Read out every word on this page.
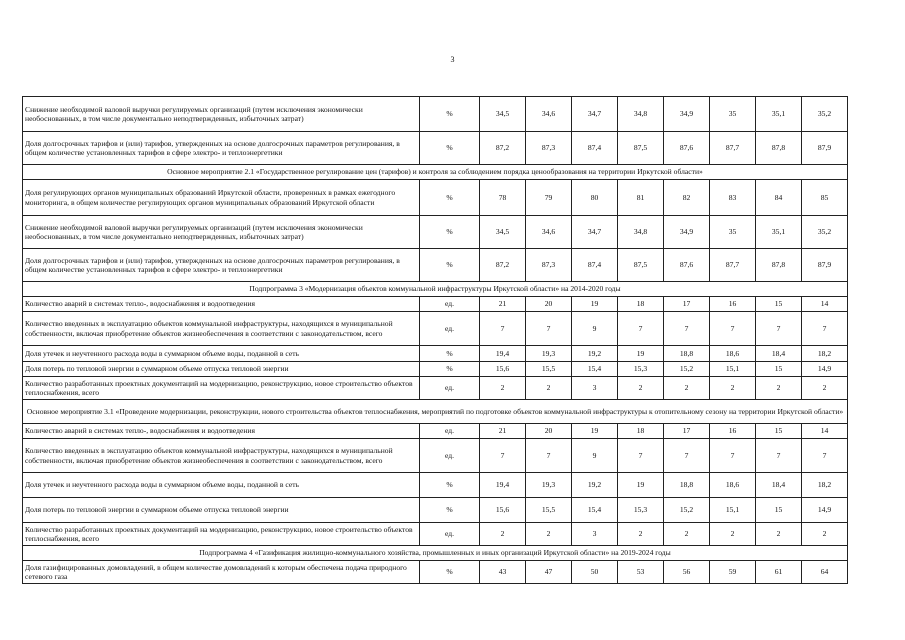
3
Снижение необходимой валовой выручки регулируемых организаций (путем исключения экономически необоснованных, в том числе документально неподтвержденных, избыточных затрат)	%	34,5	34,6	34,7	34,8	34,9	35	35,1	35,2
Доля долгосрочных тарифов и (или) тарифов, утвержденных на основе долгосрочных параметров регулирования, в общем количестве установленных тарифов в сфере электро- и теплоэнергетики	%	87,2	87,3	87,4	87,5	87,6	87,7	87,8	87,9
Основное мероприятие 2.1 «Государственное регулирование цен (тарифов) и контроля за соблюдением порядка ценообразования на территории Иркутской области»									
Доля регулирующих органов муниципальных образований Иркутской области, проверенных в рамках ежегодного мониторинга, в общем количестве регулирующих органов муниципальных образований Иркутской области	%	78	79	80	81	82	83	84	85
Снижение необходимой валовой выручки регулируемых организаций (путем исключения экономически необоснованных, в том числе документально неподтвержденных, избыточных затрат)	%	34,5	34,6	34,7	34,8	34,9	35	35,1	35,2
Доля долгосрочных тарифов и (или) тарифов, утвержденных на основе долгосрочных параметров регулирования, в общем количестве установленных тарифов в сфере электро- и теплоэнергетики	%	87,2	87,3	87,4	87,5	87,6	87,7	87,8	87,9
Подпрограмма 3 «Модернизация объектов коммунальной инфраструктуры Иркутской области» на 2014-2020 годы									
Количество аварий в системах тепло-, водоснабжения и водоотведения	ед.	21	20	19	18	17	16	15	14
Количество введенных в эксплуатацию объектов коммунальной инфраструктуры, находящихся в муниципальной собственности, включая приобретение объектов жизнеобеспечения в соответствии с законодательством, всего	ед.	7	7	9	7	7	7	7	7
Доля утечек и неучтенного расхода воды в суммарном объеме воды, поданной в сеть	%	19,4	19,3	19,2	19	18,8	18,6	18,4	18,2
Доля потерь по тепловой энергии в суммарном объеме отпуска тепловой энергии	%	15,6	15,5	15,4	15,3	15,2	15,1	15	14,9
Количество разработанных проектных документаций на модернизацию, реконструкцию, новое строительство объектов теплоснабжения, всего	ед.	2	2	3	2	2	2	2	2
Основное мероприятие 3.1 «Проведение модернизации, реконструкции, нового строительства объектов теплоснабжения, мероприятий по подготовке объектов коммунальной инфраструктуры к отопительному сезону на территории Иркутской области»									
Количество аварий в системах тепло-, водоснабжения и водоотведения	ед.	21	20	19	18	17	16	15	14
Количество введенных в эксплуатацию объектов коммунальной инфраструктуры, находящихся в муниципальной собственности, включая приобретение объектов жизнеобеспечения в соответствии с законодательством, всего	ед.	7	7	9	7	7	7	7	7
Доля утечек и неучтенного расхода воды в суммарном объеме воды, поданной в сеть	%	19,4	19,3	19,2	19	18,8	18,6	18,4	18,2
Доля потерь по тепловой энергии в суммарном объеме отпуска тепловой энергии	%	15,6	15,5	15,4	15,3	15,2	15,1	15	14,9
Количество разработанных проектных документаций на модернизацию, реконструкцию, новое строительство объектов теплоснабжения, всего	ед.	2	2	3	2	2	2	2	2
Подпрограмма 4 «Газификация жилищно-коммунального хозяйства, промышленных и иных организаций Иркутской области» на 2019-2024 годы									
Доля газифицированных домовладений, в общем количестве домовладений к которым обеспечена подача природного сетевого газа	%	43	47	50	53	56	59	61	64
